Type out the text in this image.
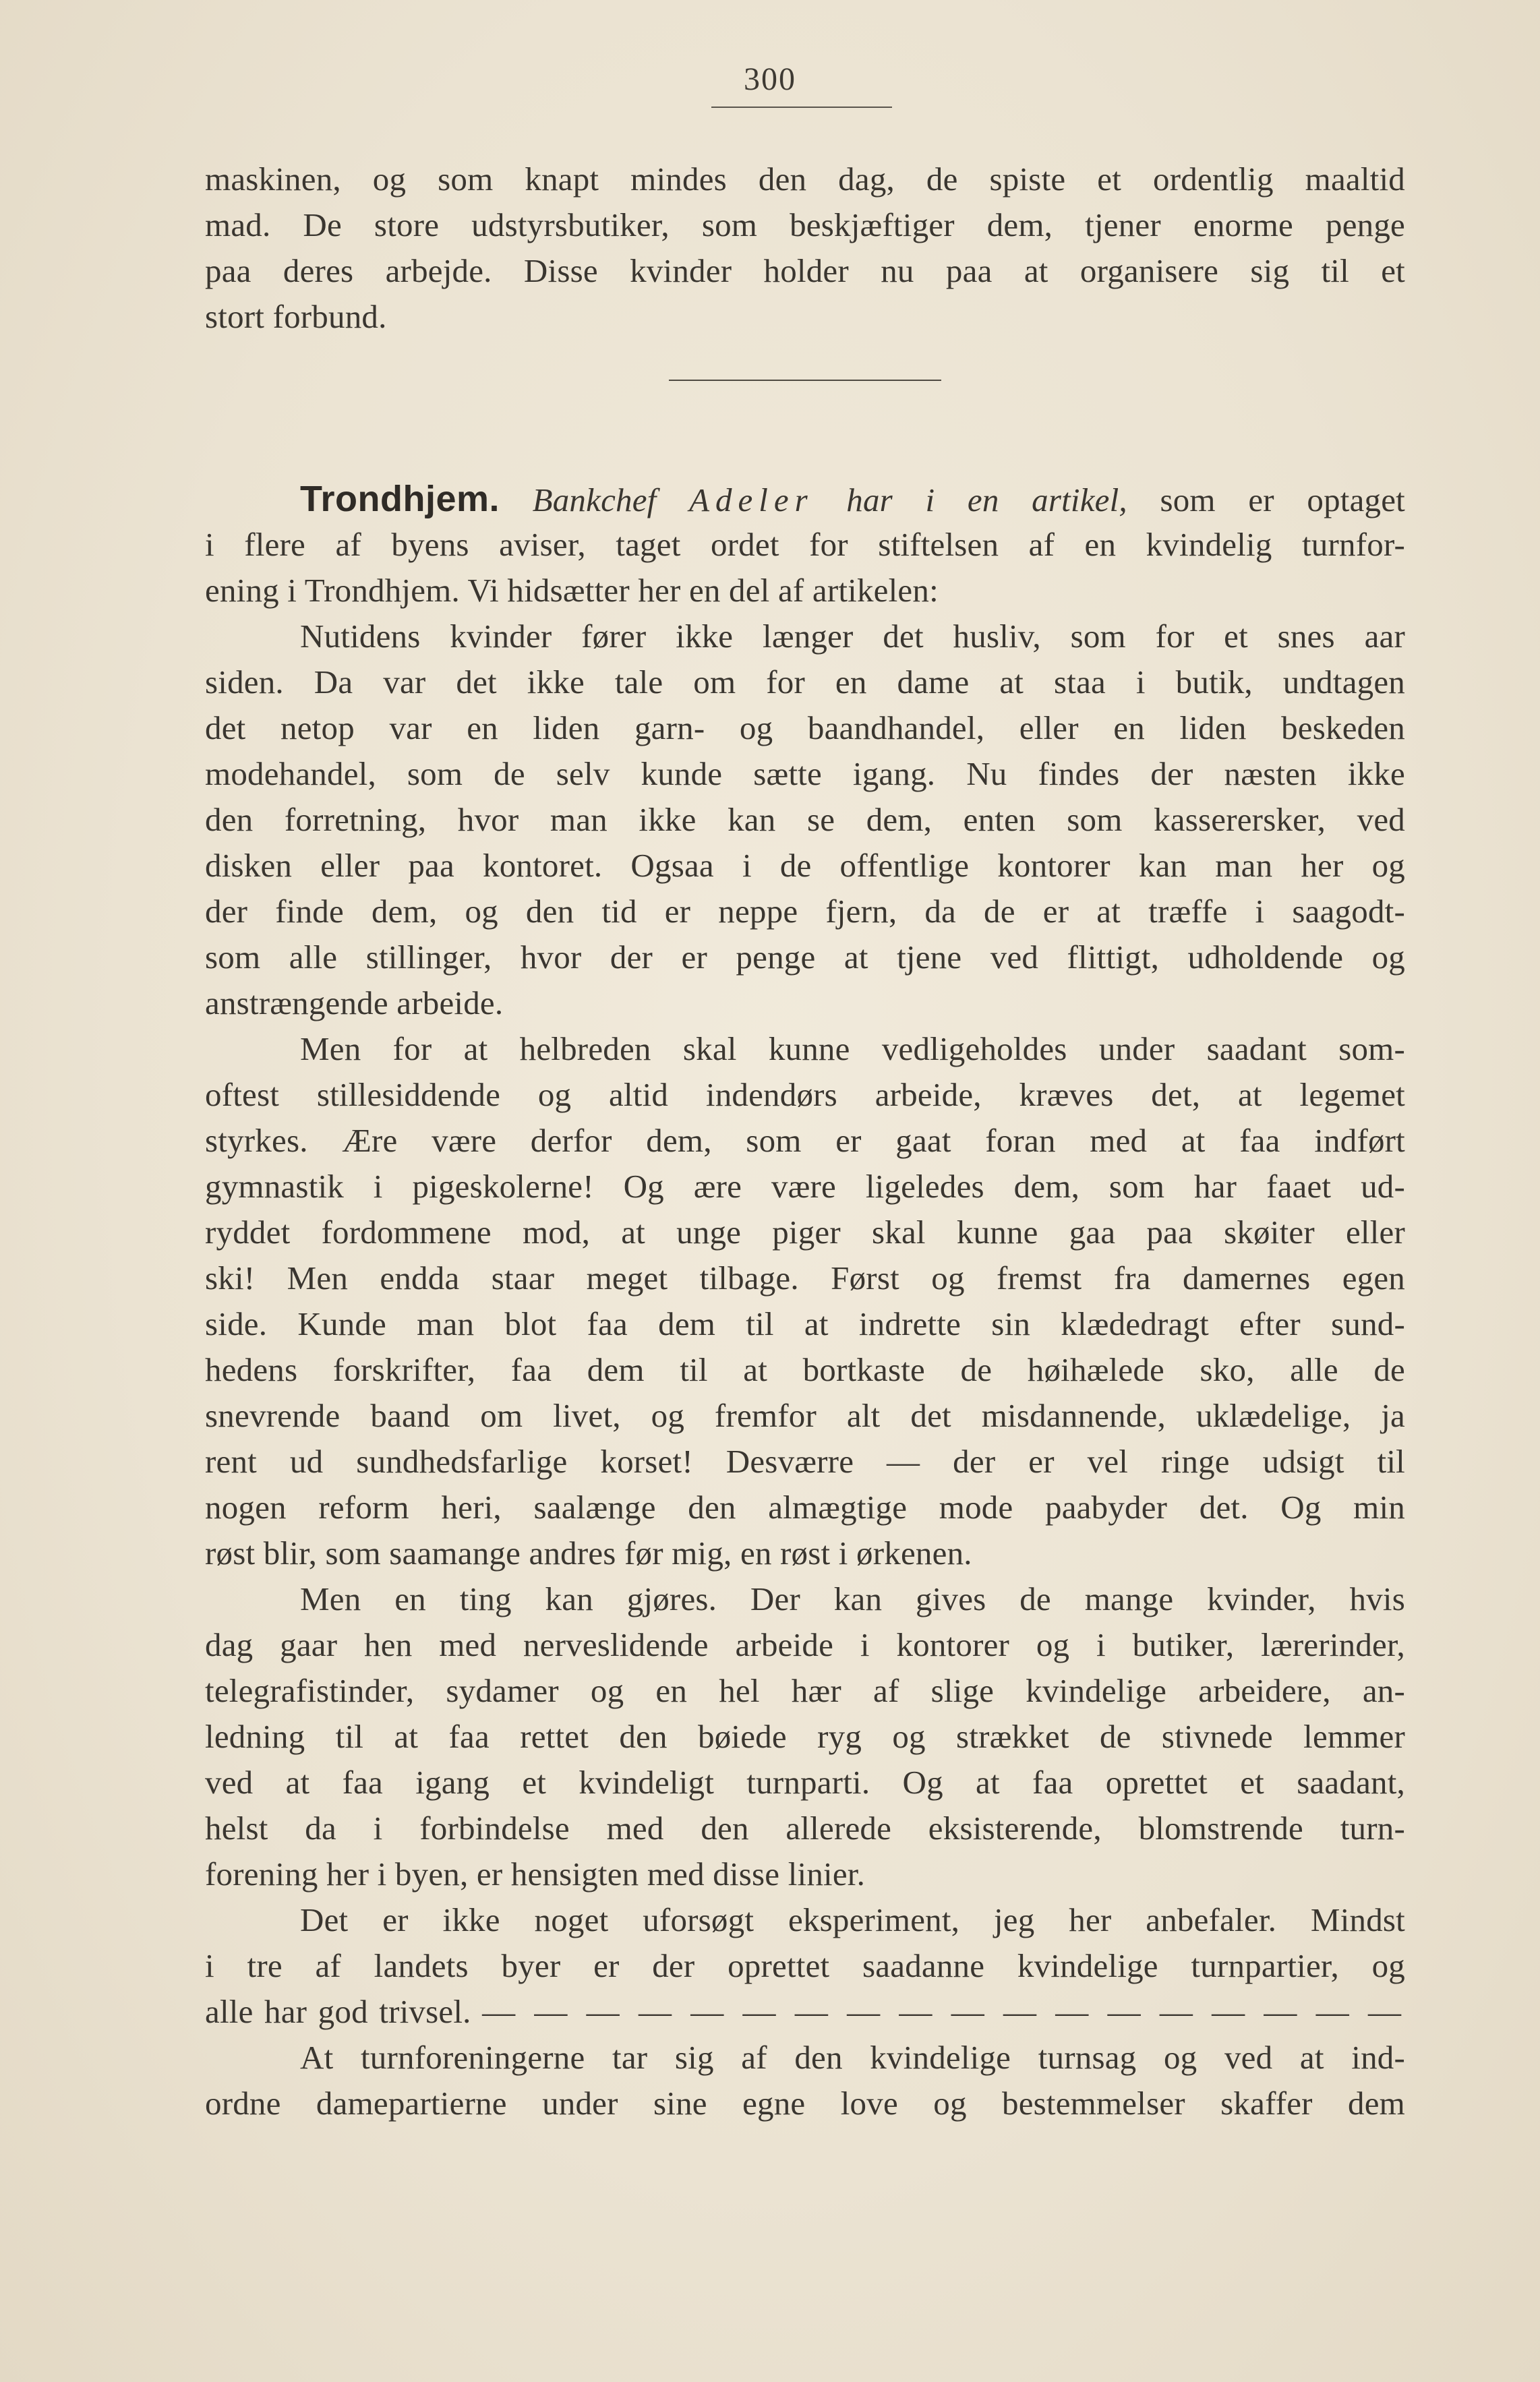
300
maskinen, og som knapt mindes den dag, de spiste et ordentlig maaltid
mad. De store udstyrsbutiker, som beskjæftiger dem, tjener enorme penge
paa deres arbejde. Disse kvinder holder nu paa at organisere sig til et
stort forbund.
Trondhjem. Bankchef Adeler har i en artikel, som er optaget
i flere af byens aviser, taget ordet for stiftelsen af en kvindelig turnfor-
ening i Trondhjem. Vi hidsætter her en del af artikelen:
Nutidens kvinder fører ikke længer det husliv, som for et snes aar
siden. Da var det ikke tale om for en dame at staa i butik, undtagen
det netop var en liden garn- og baandhandel, eller en liden beskeden
modehandel, som de selv kunde sætte igang. Nu findes der næsten ikke
den forretning, hvor man ikke kan se dem, enten som kasserersker, ved
disken eller paa kontoret. Ogsaa i de offentlige kontorer kan man her og
der finde dem, og den tid er neppe fjern, da de er at træffe i saagodt-
som alle stillinger, hvor der er penge at tjene ved flittigt, udholdende og
anstrængende arbeide.
Men for at helbreden skal kunne vedligeholdes under saadant som-
oftest stillesiddende og altid indendørs arbeide, kræves det, at legemet
styrkes. Ære være derfor dem, som er gaat foran med at faa indført
gymnastik i pigeskolerne! Og ære være ligeledes dem, som har faaet ud-
ryddet fordommene mod, at unge piger skal kunne gaa paa skøiter eller
ski! Men endda staar meget tilbage. Først og fremst fra damernes egen
side. Kunde man blot faa dem til at indrette sin klædedragt efter sund-
hedens forskrifter, faa dem til at bortkaste de høihælede sko, alle de
snevrende baand om livet, og fremfor alt det misdannende, uklædelige, ja
rent ud sundhedsfarlige korset! Desværre — der er vel ringe udsigt til
nogen reform heri, saalænge den almægtige mode paabyder det. Og min
røst blir, som saamange andres før mig, en røst i ørkenen.
Men en ting kan gjøres. Der kan gives de mange kvinder, hvis
dag gaar hen med nerveslidende arbeide i kontorer og i butiker, lærerinder,
telegrafistinder, sydamer og en hel hær af slige kvindelige arbeidere, an-
ledning til at faa rettet den bøiede ryg og strækket de stivnede lemmer
ved at faa igang et kvindeligt turnparti. Og at faa oprettet et saadant,
helst da i forbindelse med den allerede eksisterende, blomstrende turn-
forening her i byen, er hensigten med disse linier.
Det er ikke noget uforsøgt eksperiment, jeg her anbefaler. Mindst
i tre af landets byer er der oprettet saadanne kvindelige turnpartier, og
alle har god trivsel. — — — — — — — — — — — — — — — — — —
At turnforeningerne tar sig af den kvindelige turnsag og ved at ind-
ordne damepartierne under sine egne love og bestemmelser skaffer dem
